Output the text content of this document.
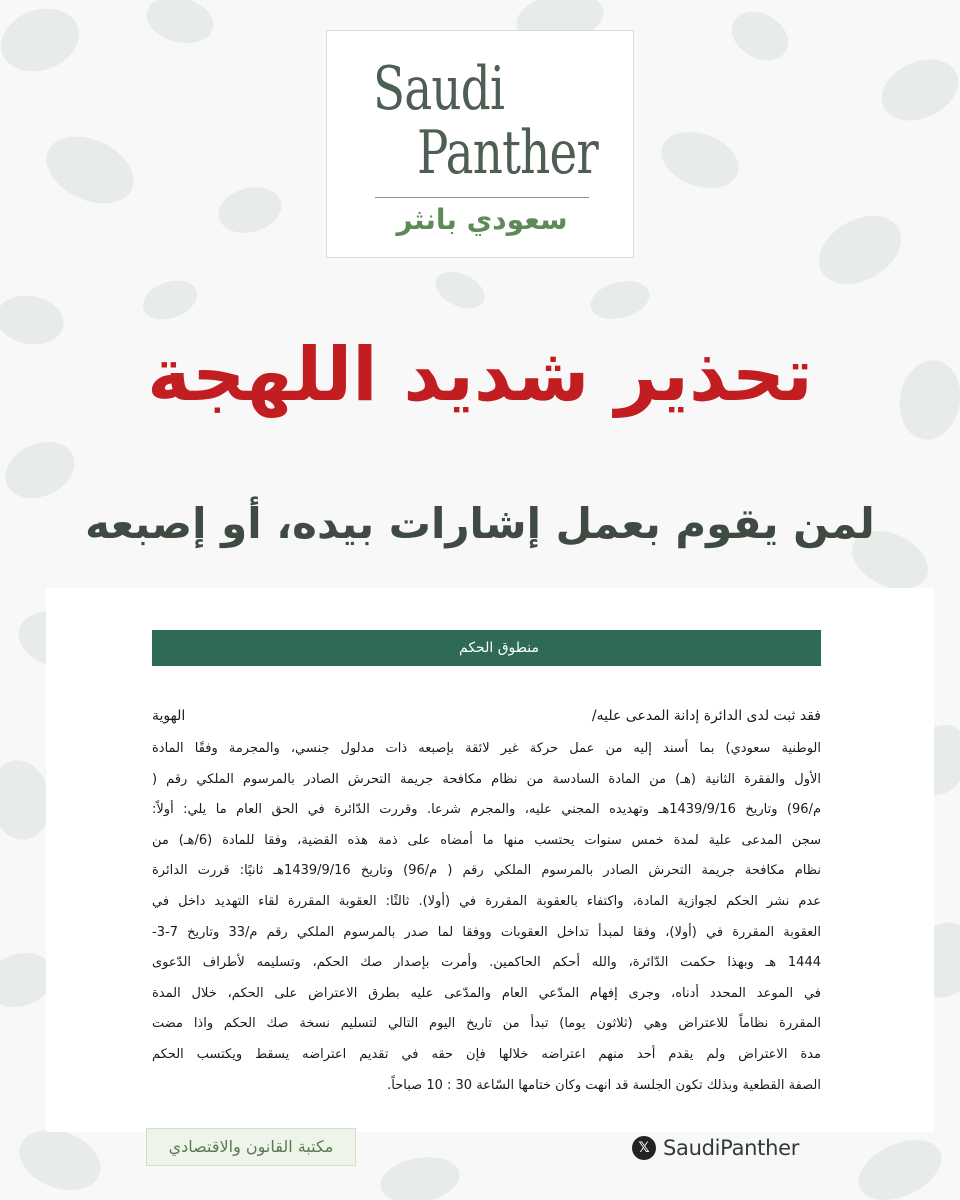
Saudi
Panther
سعودي بانثر
تحذير شديد اللهجة
لمن يقوم بعمل إشارات بيده، أو إصبعه
منطوق الحكم
فقد ثبت لدى الدائرة إدانة المدعى عليه/
الهوية
الوطنية سعودي) بما أسند إليه من عمل حركة غير لائقة بإصبعه ذات مدلول جنسي، والمجرمة وفقًا المادة
الأول والفقرة الثانية (هـ) من المادة السادسة من نظام مكافحة جريمة التحرش الصادر بالمرسوم الملكي رقم (
م/96) وتاريخ 1439/9/16هـ وتهديده المجني عليه، والمجرم شرعا. وقررت الدّائرة في الحق العام ما يلي: أولاً:
سجن المدعى علية لمدة خمس سنوات يحتسب منها ما أمضاه على ذمة هذه القضية، وفقا للمادة (6/هـ) من
نظام مكافحة جريمة التحرش الصادر بالمرسوم الملكي رقم ( م/96) وتاريخ 1439/9/16هـ ثانيًا: قررت الدائرة
عدم نشر الحكم لجوازية المادة، واكتفاء بالعقوبة المقررة في (أولا). ثالثًا: العقوبة المقررة لقاء التهديد داخل في
العقوبة المقررة في (أولا)، وفقا لمبدأ تداخل العقوبات ووفقا لما صدر بالمرسوم الملكي رقم م/33 وتاريخ 7-3-
1444 هـ وبهذا حكمت الدّائرة، والله أحكم الحاكمين. وأمرت بإصدار صك الحكم، وتسليمه لأطراف الدّعوى
في الموعد المحدد أدناه، وجرى إفهام المدّعي العام والمدّعى عليه بطرق الاعتراض على الحكم، خلال المدة
المقررة نظاماً للاعتراض وهي (ثلاثون يوما) تبدأ من تاريخ اليوم التالي لتسليم نسخة صك الحكم واذا مضت
مدة الاعتراض ولم يقدم أحد منهم اعتراضه خلالها فإن حقه في تقديم اعتراضه يسقط ويكتسب الحكم
الصفة القطعية وبذلك تكون الجلسة قد انهت وكان ختامها السّاعة 30 : 10 صباحاً.
مكتبة القانون والاقتصادي	𝕏 SaudiPanther
